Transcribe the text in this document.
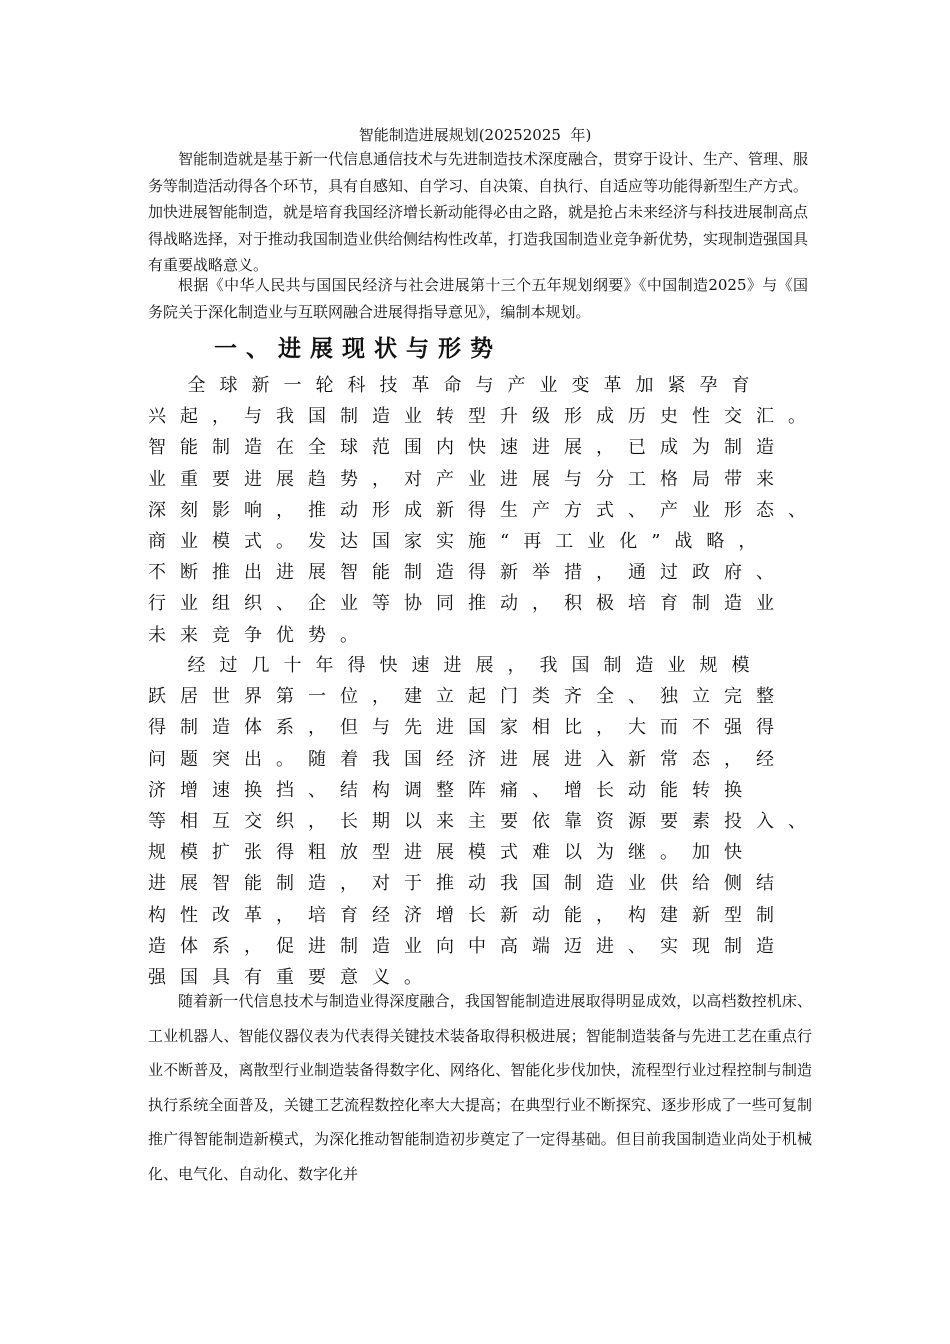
智能制造进展规划(20252025  年)

智能制造就是基于新一代信息通信技术与先进制造技术深度融合，贯穿于设计、生产、管理、服务等制造活动得各个环节，具有自感知、自学习、自决策、自执行、自适应等功能得新型生产方式。加快进展智能制造，就是培育我国经济增长新动能得必由之路，就是抢占未来经济与科技进展制高点得战略选择，对于推动我国制造业供给侧结构性改革，打造我国制造业竞争新优势，实现制造强国具有重要战略意义。

根据《中华人民共与国国民经济与社会进展第十三个五年规划纲要》《中国制造2025》与《国务院关于深化制造业与互联网融合进展得指导意见》，编制本规划。

一、进展现状与形势
全球新一轮科技革命与产业变革加紧孕育
兴起，与我国制造业转型升级形成历史性交汇。
智能制造在全球范围内快速进展，已成为制造
业重要进展趋势，对产业进展与分工格局带来
深刻影响，推动形成新得生产方式、产业形态、
商业模式。发达国家实施“再工业化”战略，
不断推出进展智能制造得新举措，通过政府、
行业组织、企业等协同推动，积极培育制造业
未来竞争优势。
经过几十年得快速进展，我国制造业规模
跃居世界第一位，建立起门类齐全、独立完整
得制造体系，但与先进国家相比，大而不强得
问题突出。随着我国经济进展进入新常态，经
济增速换挡、结构调整阵痛、增长动能转换
等相互交织，长期以来主要依靠资源要素投入、
规模扩张得粗放型进展模式难以为继。加快
进展智能制造，对于推动我国制造业供给侧结
构性改革，培育经济增长新动能，构建新型制
造体系，促进制造业向中高端迈进、实现制造
强国具有重要意义。

随着新一代信息技术与制造业得深度融合，我国智能制造进展取得明显成效，以高档数控机床、工业机器人、智能仪器仪表为代表得关键技术装备取得积极进展；智能制造装备与先进工艺在重点行业不断普及，离散型行业制造装备得数字化、网络化、智能化步伐加快，流程型行业过程控制与制造执行系统全面普及，关键工艺流程数控化率大大提高；在典型行业不断探究、逐步形成了一些可复制推广得智能制造新模式，为深化推动智能制造初步奠定了一定得基础。但目前我国制造业尚处于机械化、电气化、自动化、数字化并
